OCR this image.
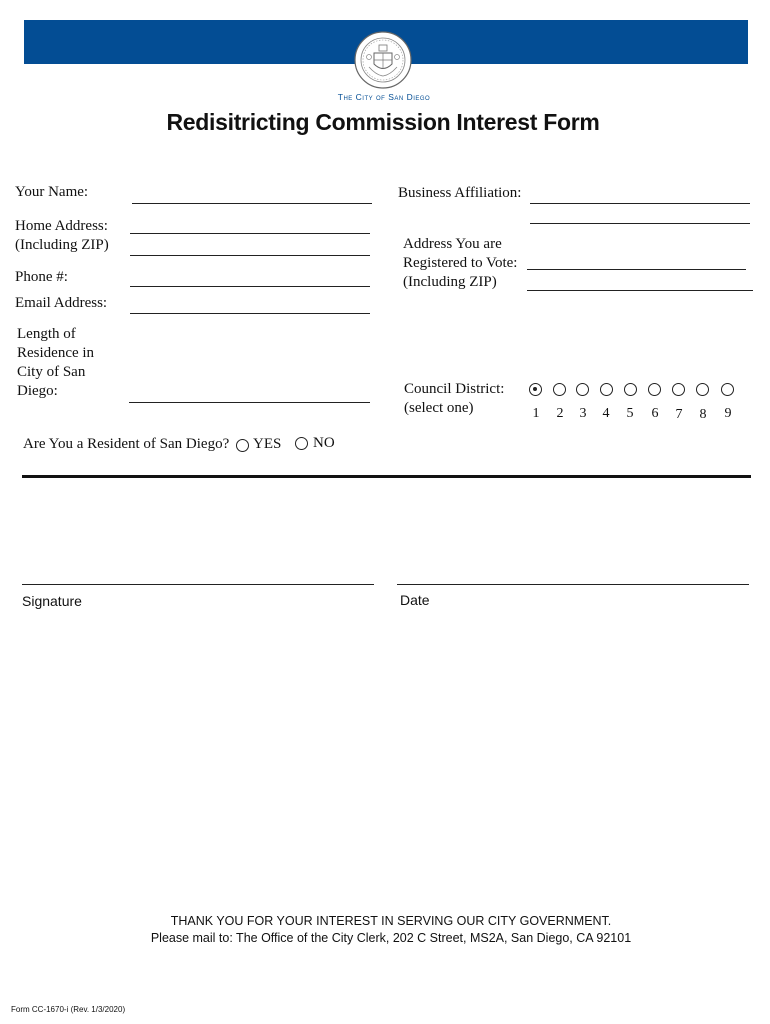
The City of San Diego
Redisitricting Commission Interest Form
Your Name:
Home Address:
(Including ZIP)
Phone #:
Email Address:
Length of
Residence in
City of San
Diego:
Business Affiliation:
Address You are
Registered to Vote:
(Including ZIP)
Council District:
(select one)	1 2 3 4 5 6 7 8 9
Are You a Resident of San Diego? YES NO
Signature	Date
THANK YOU FOR YOUR INTEREST IN SERVING OUR CITY GOVERNMENT.
Please mail to: The Office of the City Clerk, 202 C Street, MS2A, San Diego, CA 92101
Form CC-1670-i (Rev. 1/3/2020)
